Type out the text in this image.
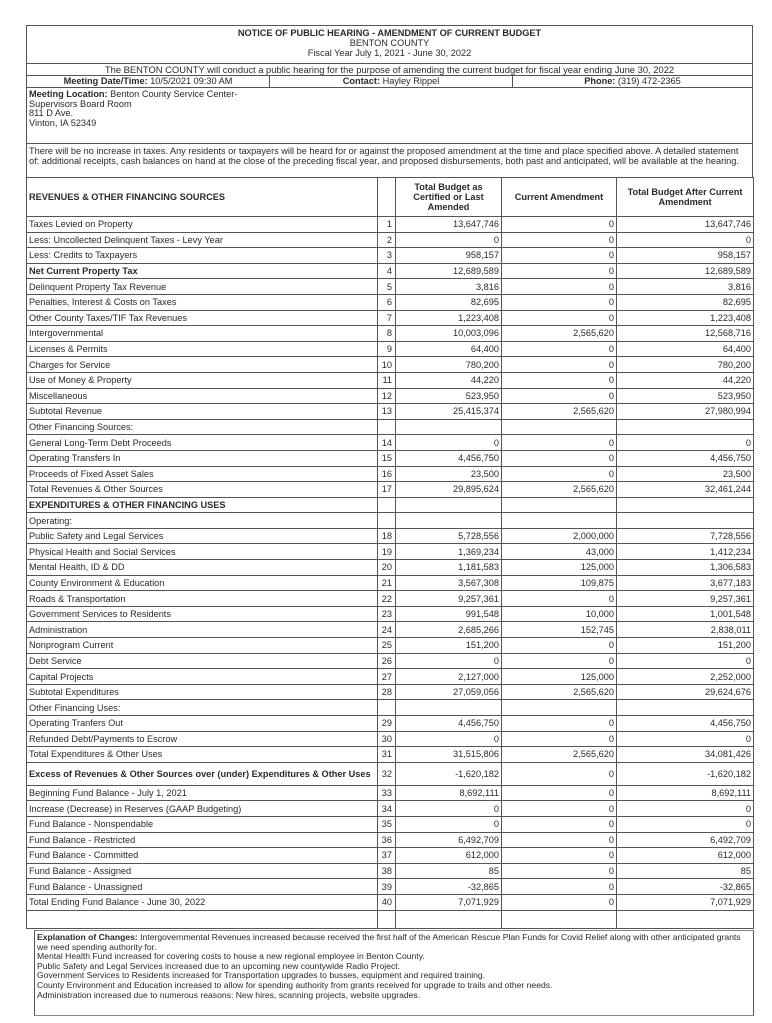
NOTICE OF PUBLIC HEARING - AMENDMENT OF CURRENT BUDGET
BENTON COUNTY
Fiscal Year July 1, 2021 - June 30, 2022
The BENTON COUNTY will conduct a public hearing for the purpose of amending the current budget for fiscal year ending June 30, 2022
Meeting Date/Time: 10/5/2021 09:30 AM	Contact: Hayley Rippel	Phone: (319) 472-2365
Meeting Location: Benton County Service Center-
Supervisors Board Room
811 D Ave.
Vinton, IA 52349
There will be no increase in taxes. Any residents or taxpayers will be heard for or against the proposed amendment at the time and place specified above. A detailed statement of: additional receipts, cash balances on hand at the close of the preceding fiscal year, and proposed disbursements, both past and anticipated, will be available at the hearing.
REVENUES & OTHER FINANCING SOURCES		Total Budget as Certified or Last Amended	Current Amendment	Total Budget After Current Amendment
Taxes Levied on Property	1	13,647,746	0	13,647,746
Less: Uncollected Delinquent Taxes - Levy Year	2	0	0	0
Less: Credits to Taxpayers	3	958,157	0	958,157
Net Current Property Tax	4	12,689,589	0	12,689,589
Delinquent Property Tax Revenue	5	3,816	0	3,816
Penalties, Interest & Costs on Taxes	6	82,695	0	82,695
Other County Taxes/TIF Tax Revenues	7	1,223,408	0	1,223,408
Intergovernmental	8	10,003,096	2,565,620	12,568,716
Licenses & Permits	9	64,400	0	64,400
Charges for Service	10	780,200	0	780,200
Use of Money & Property	11	44,220	0	44,220
Miscellaneous	12	523,950	0	523,950
Subtotal Revenue	13	25,415,374	2,565,620	27,980,994
Other Financing Sources:				
General Long-Term Debt Proceeds	14	0	0	0
Operating Transfers In	15	4,456,750	0	4,456,750
Proceeds of Fixed Asset Sales	16	23,500	0	23,500
Total Revenues & Other Sources	17	29,895,624	2,565,620	32,461,244
EXPENDITURES & OTHER FINANCING USES				
Operating:				
Public Safety and Legal Services	18	5,728,556	2,000,000	7,728,556
Physical Health and Social Services	19	1,369,234	43,000	1,412,234
Mental Health, ID & DD	20	1,181,583	125,000	1,306,583
County Environment & Education	21	3,567,308	109,875	3,677,183
Roads & Transportation	22	9,257,361	0	9,257,361
Government Services to Residents	23	991,548	10,000	1,001,548
Administration	24	2,685,266	152,745	2,838,011
Nonprogram Current	25	151,200	0	151,200
Debt Service	26	0	0	0
Capital Projects	27	2,127,000	125,000	2,252,000
Subtotal Expenditures	28	27,059,056	2,565,620	29,624,676
Other Financing Uses:				
Operating Tranfers Out	29	4,456,750	0	4,456,750
Refunded Debt/Payments to Escrow	30	0	0	0
Total Expenditures & Other Uses	31	31,515,806	2,565,620	34,081,426
Excess of Revenues & Other Sources over (under) Expenditures & Other Uses	32	-1,620,182	0	-1,620,182
Beginning Fund Balance - July 1, 2021	33	8,692,111	0	8,692,111
Increase (Decrease) in Reserves (GAAP Budgeting)	34	0	0	0
Fund Balance - Nonspendable	35	0	0	0
Fund Balance - Restricted	36	6,492,709	0	6,492,709
Fund Balance - Committed	37	612,000	0	612,000
Fund Balance - Assigned	38	85	0	85
Fund Balance - Unassigned	39	-32,865	0	-32,865
Total Ending Fund Balance - June 30, 2022	40	7,071,929	0	7,071,929

Explanation of Changes: Intergovernmental Revenues increased because received the first half of the American Rescue Plan Funds for Covid Relief along with other anticipated grants we need spending authority for.
Mental Health Fund increased for covering costs to house a new regional employee in Benton County.
Public Safety and Legal Services increased due to an upcoming new countywide Radio Project.
Government Services to Residents increased for Transportation upgrades to busses, equipment and required training.
County Environment and Education increased to allow for spending authority from grants received for upgrade to trails and other needs.
Administration increased due to numerous reasons: New hires, scanning projects, website upgrades.
